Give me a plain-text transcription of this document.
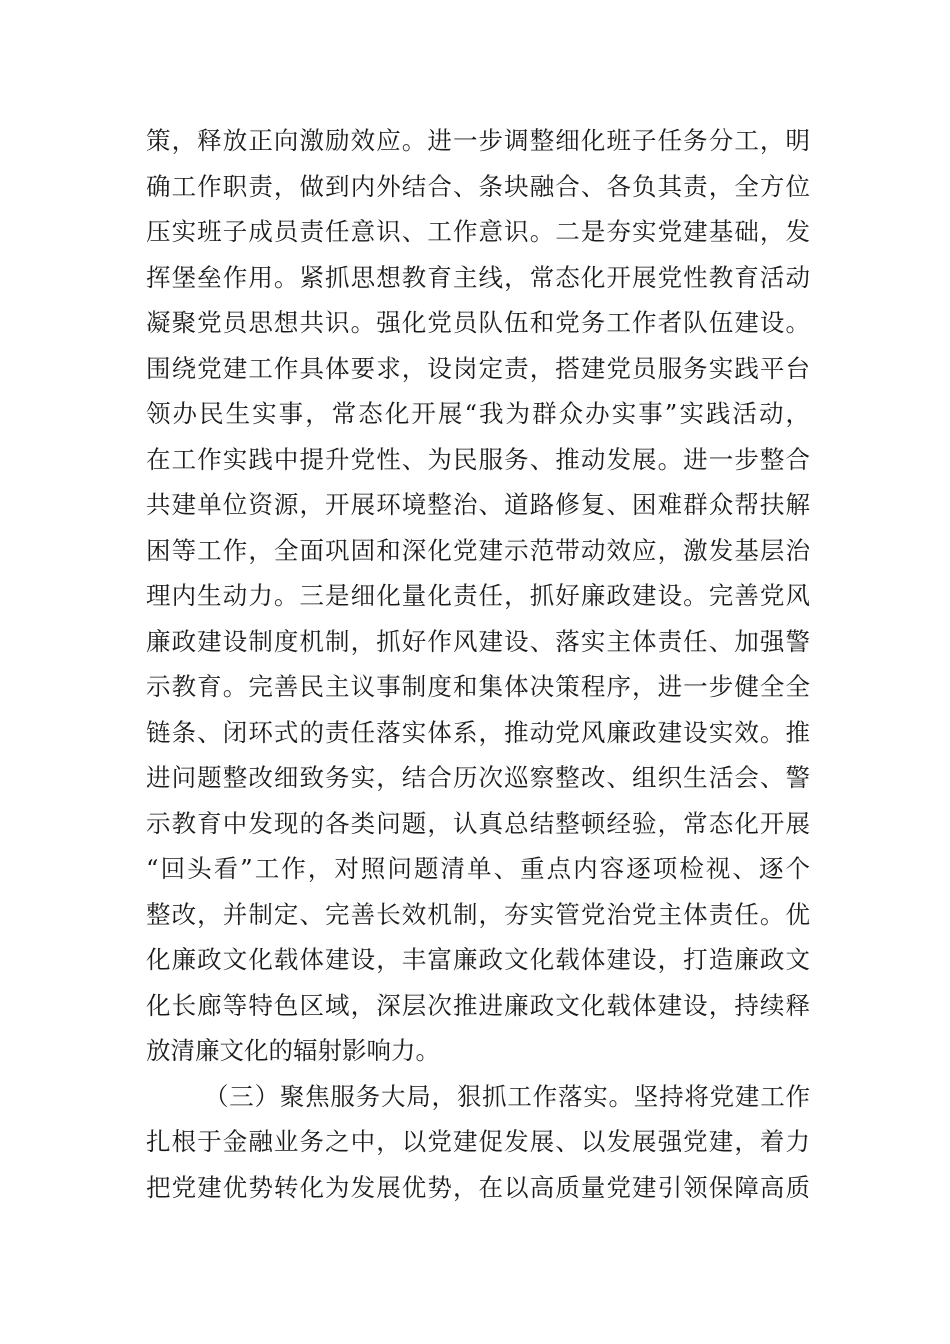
策，释放正向激励效应。进一步调整细化班子任务分工，明
确工作职责，做到内外结合、条块融合、各负其责，全方位
压实班子成员责任意识、工作意识。二是夯实党建基础，发
挥堡垒作用。紧抓思想教育主线，常态化开展党性教育活动
凝聚党员思想共识。强化党员队伍和党务工作者队伍建设。
围绕党建工作具体要求，设岗定责，搭建党员服务实践平台
领办民生实事，常态化开展“我为群众办实事”实践活动，
在工作实践中提升党性、为民服务、推动发展。进一步整合
共建单位资源，开展环境整治、道路修复、困难群众帮扶解
困等工作，全面巩固和深化党建示范带动效应，激发基层治
理内生动力。三是细化量化责任，抓好廉政建设。完善党风
廉政建设制度机制，抓好作风建设、落实主体责任、加强警
示教育。完善民主议事制度和集体决策程序，进一步健全全
链条、闭环式的责任落实体系，推动党风廉政建设实效。推
进问题整改细致务实，结合历次巡察整改、组织生活会、警
示教育中发现的各类问题，认真总结整顿经验，常态化开展
“回头看”工作，对照问题清单、重点内容逐项检视、逐个
整改，并制定、完善长效机制，夯实管党治党主体责任。优
化廉政文化载体建设，丰富廉政文化载体建设，打造廉政文
化长廊等特色区域，深层次推进廉政文化载体建设，持续释
放清廉文化的辐射影响力。
（三）聚焦服务大局，狠抓工作落实。坚持将党建工作
扎根于金融业务之中，以党建促发展、以发展强党建，着力
把党建优势转化为发展优势，在以高质量党建引领保障高质
